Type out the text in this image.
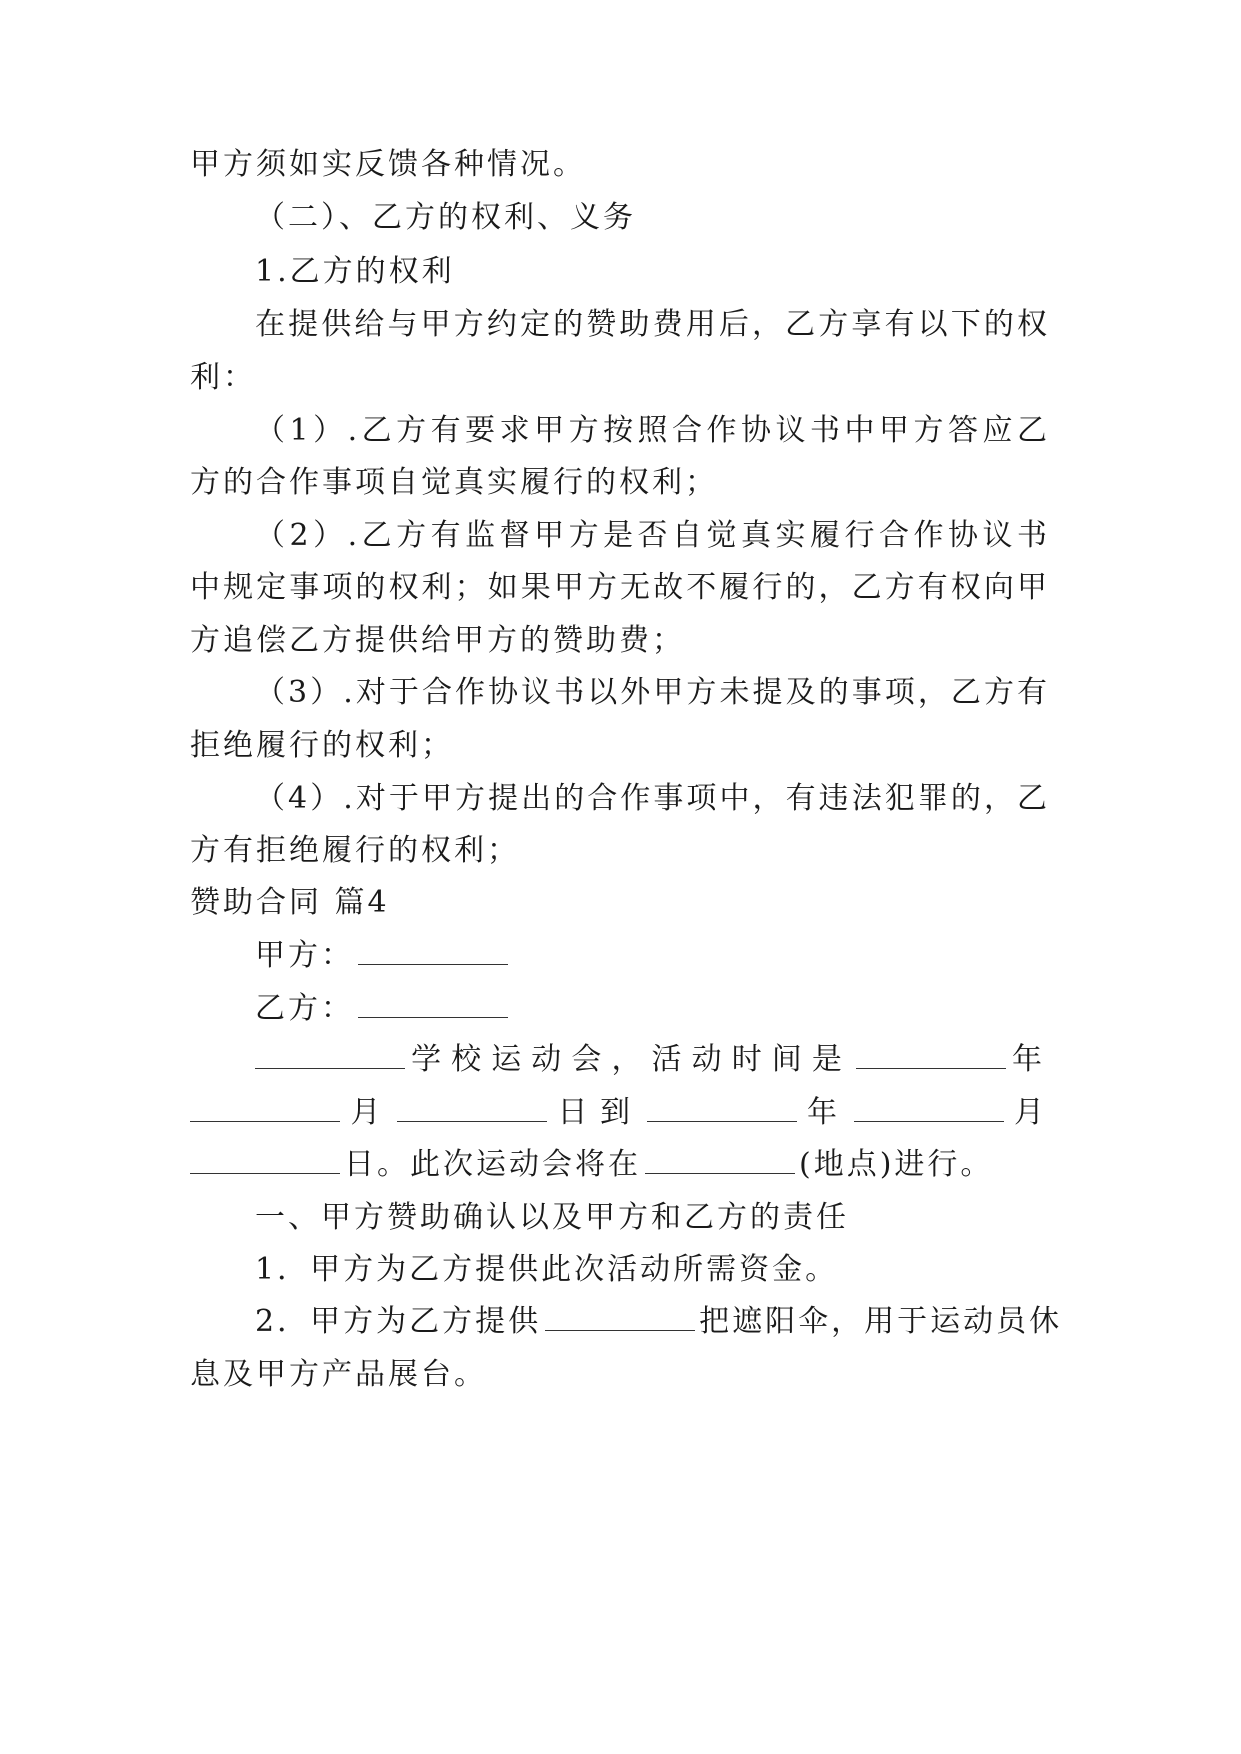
甲方须如实反馈各种情况。
（二）、乙方的权利、义务
1.乙方的权利
在提供给与甲方约定的赞助费用后，乙方享有以下的权
利：
（1）.乙方有要求甲方按照合作协议书中甲方答应乙
方的合作事项自觉真实履行的权利；
（2）.乙方有监督甲方是否自觉真实履行合作协议书
中规定事项的权利；如果甲方无故不履行的，乙方有权向甲
方追偿乙方提供给甲方的赞助费；
（3）.对于合作协议书以外甲方未提及的事项，乙方有
拒绝履行的权利；
（4）.对于甲方提出的合作事项中，有违法犯罪的，乙
方有拒绝履行的权利；
赞助合同 篇4
甲方：
乙方：
学校运动会，活动时间是	年
月	日到	年	月
日。此次运动会将在	(地点)进行。
一、甲方赞助确认以及甲方和乙方的责任
1．甲方为乙方提供此次活动所需资金。
2．甲方为乙方提供	把遮阳伞，用于运动员休
息及甲方产品展台。
